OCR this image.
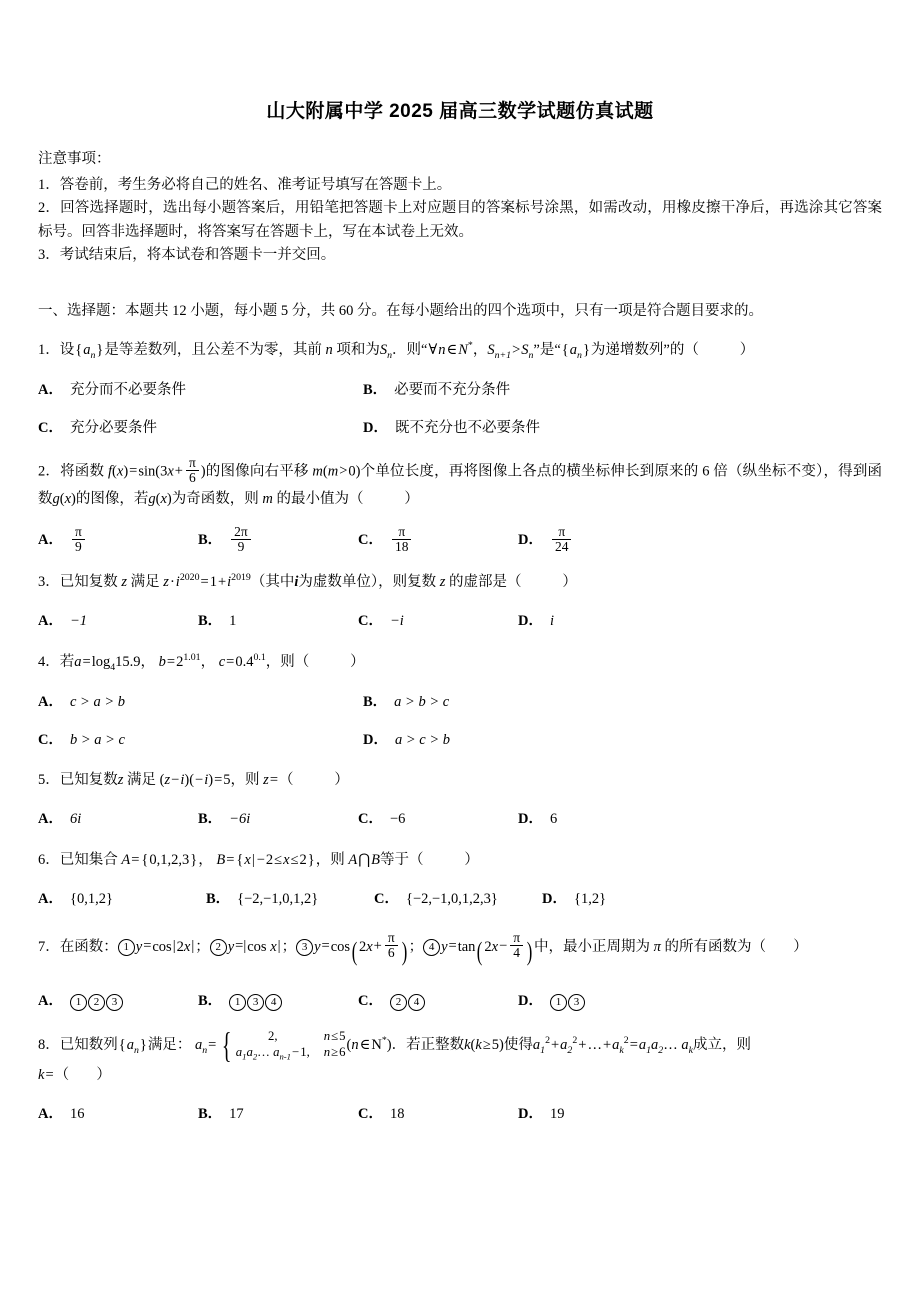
山大附属中学 2025 届高三数学试题仿真试题
注意事项：
1．答卷前，考生务必将自己的姓名、准考证号填写在答题卡上。
2．回答选择题时，选出每小题答案后，用铅笔把答题卡上对应题目的答案标号涂黑，如需改动，用橡皮擦干净后，再选涂其它答案标号。回答非选择题时，将答案写在答题卡上，写在本试卷上无效。
3．考试结束后，将本试卷和答题卡一并交回。
一、选择题：本题共 12 小题，每小题 5 分，共 60 分。在每小题给出的四个选项中，只有一项是符合题目要求的。
1．设$\{a_n\}$是等差数列，且公差不为零，其前 n 项和为$S_n$．则“∀n∈N*，$S_{n+1}>S_n$”是“$\{a_n\}$为递增数列”的（	）
A． 充分而不必要条件	B． 必要而不充分条件
C． 充分必要条件	D． 既不充分也不必要条件
2．将函数 $f(x)=\sin(3x+ \frac{\pi}{6}$ )的图像向右平移 m(m>0)个单位长度，再将图像上各点的横坐标伸长到原来的 6 倍（纵坐标不变），得到函数g(x)的图像，若g(x)为奇函数，则 m 的最小值为（	）
A． $\frac{\pi}{9}$	B． $\frac{2\pi}{9}$	C． $\frac{\pi}{18}$	D． $\frac{\pi}{24}$
3．已知复数 z 满足 $z\cdot i^{2020}=1+i^{2019}$（其中i为虚数单位），则复数 z 的虚部是（	）
A． −1	B． 1	C． −i	D． i
4．若$a=\log_415.9$， $b=2^{1.01}$， $c=0.4^{0.1}$，则（	）
A． c > a > b	B． a > b > c
C． b > a > c	D． a > c > b
5．已知复数z 满足 (z−i)(−i)=5，则 z=（	）
A． 6i	B． −6i	C． −6	D． 6
6．已知集合 A= {0,1,2,3}， B= {x| −2≤x≤2}，则 A⋂B等于（	）
A． {0,1,2}	B． {−2,−1,0,1,2}	C． {−2,−1,0,1,2,3}	D． {1,2}
7．在函数： 1 y=cos|2x|； 2 y=|cos x|； 3 y=cos( $2x+ \frac{\pi}{6}$ ) ； 4 y=tan( $2x- \frac{\pi}{4}$ ) 中，最小正周期为 π 的所有函数为（ ）
A． 1 2 3	B． 1 3 4	C． 2 4	D． 1 3
8．已知数列$\{a_n\}$满足： $a_n=$ {	2,	n≤5
$a_1a_2\dots$ $a_{n-1}-1$, n≥6 (n∈N*)．若正整数k(k≥5)使得$a_1^2+a_2^2+\dots+a_k^2=a_1a_2\dots$ $a_k$成立，则
k=（ ）
A． 16	B． 17	C． 18	D． 19
